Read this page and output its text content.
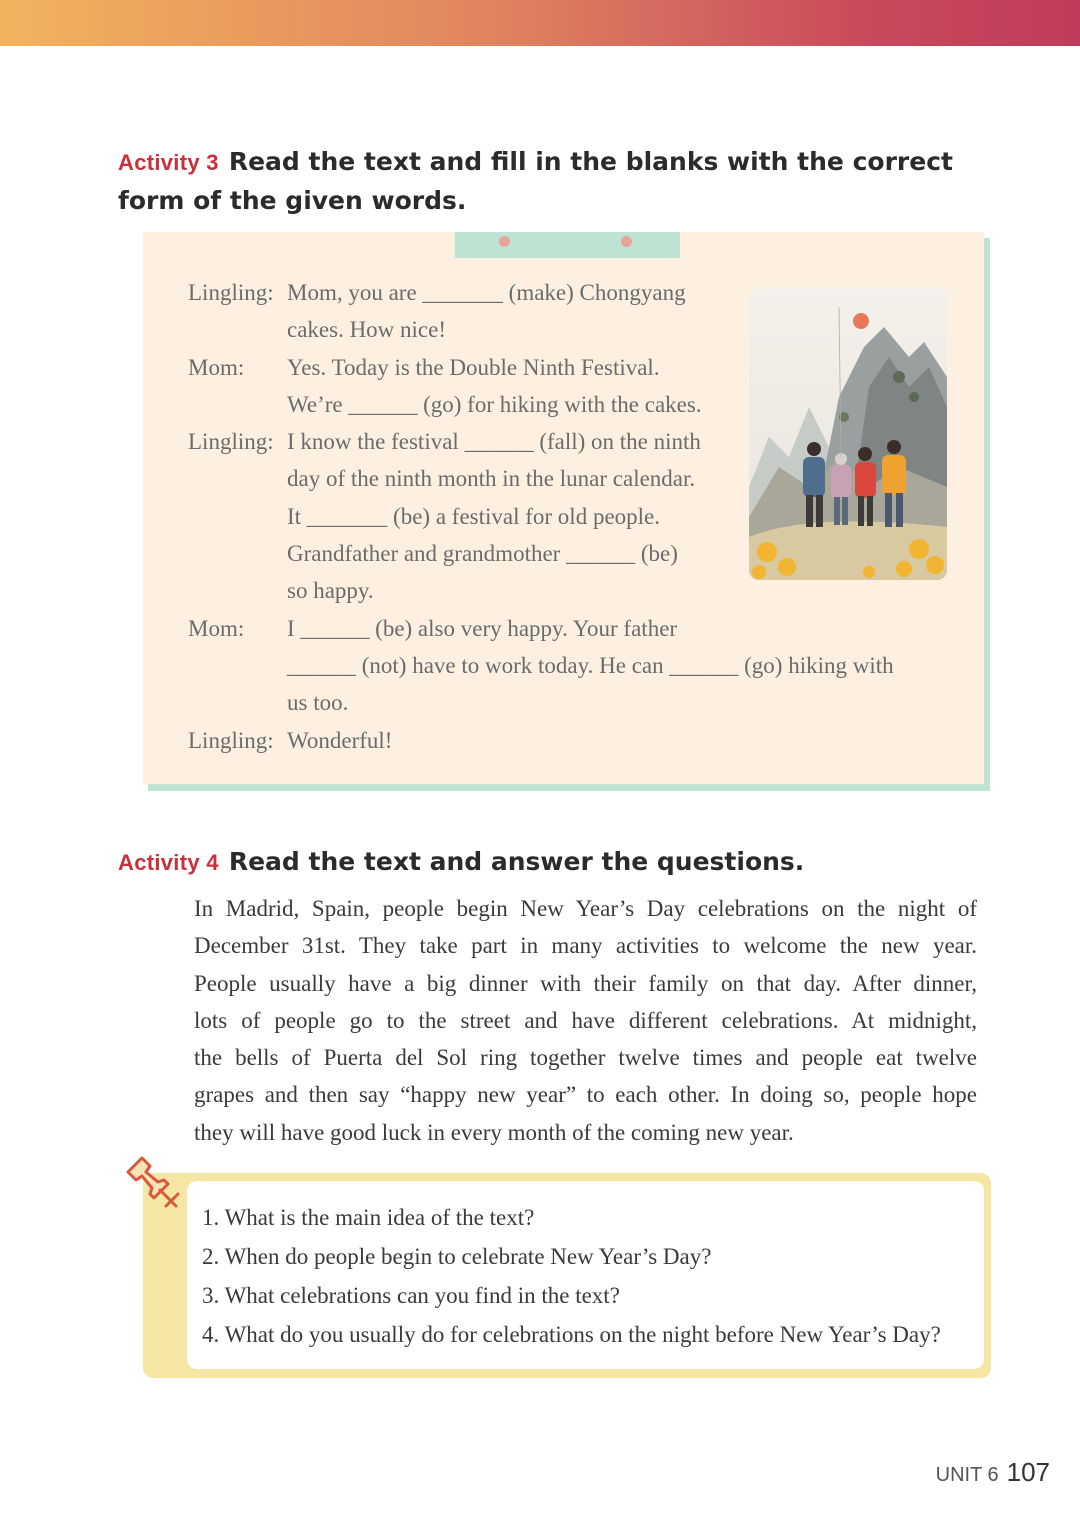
Activity 3 Read the text and fill in the blanks with the correct form of the given words.
Lingling: Mom, you are _______ (make) Chongyang
cakes. How nice!
Mom: Yes. Today is the Double Ninth Festival.
We’re ______ (go) for hiking with the cakes.
Lingling: I know the festival ______ (fall) on the ninth
day of the ninth month in the lunar calendar.
It _______ (be) a festival for old people.
Grandfather and grandmother ______ (be)
so happy.
Mom: I ______ (be) also very happy. Your father
______ (not) have to work today. He can ______ (go) hiking with
us too.
Lingling: Wonderful!
Activity 4 Read the text and answer the questions.
In Madrid, Spain, people begin New Year’s Day celebrations on the night of
December 31st. They take part in many activities to welcome the new year.
People usually have a big dinner with their family on that day. After dinner,
lots of people go to the street and have different celebrations. At midnight,
the bells of Puerta del Sol ring together twelve times and people eat twelve
grapes and then say “happy new year” to each other. In doing so, people hope
they will have good luck in every month of the coming new year.
1. What is the main idea of the text?
2. When do people begin to celebrate New Year’s Day?
3. What celebrations can you find in the text?
4. What do you usually do for celebrations on the night before New Year’s Day?
UNIT 6 107
